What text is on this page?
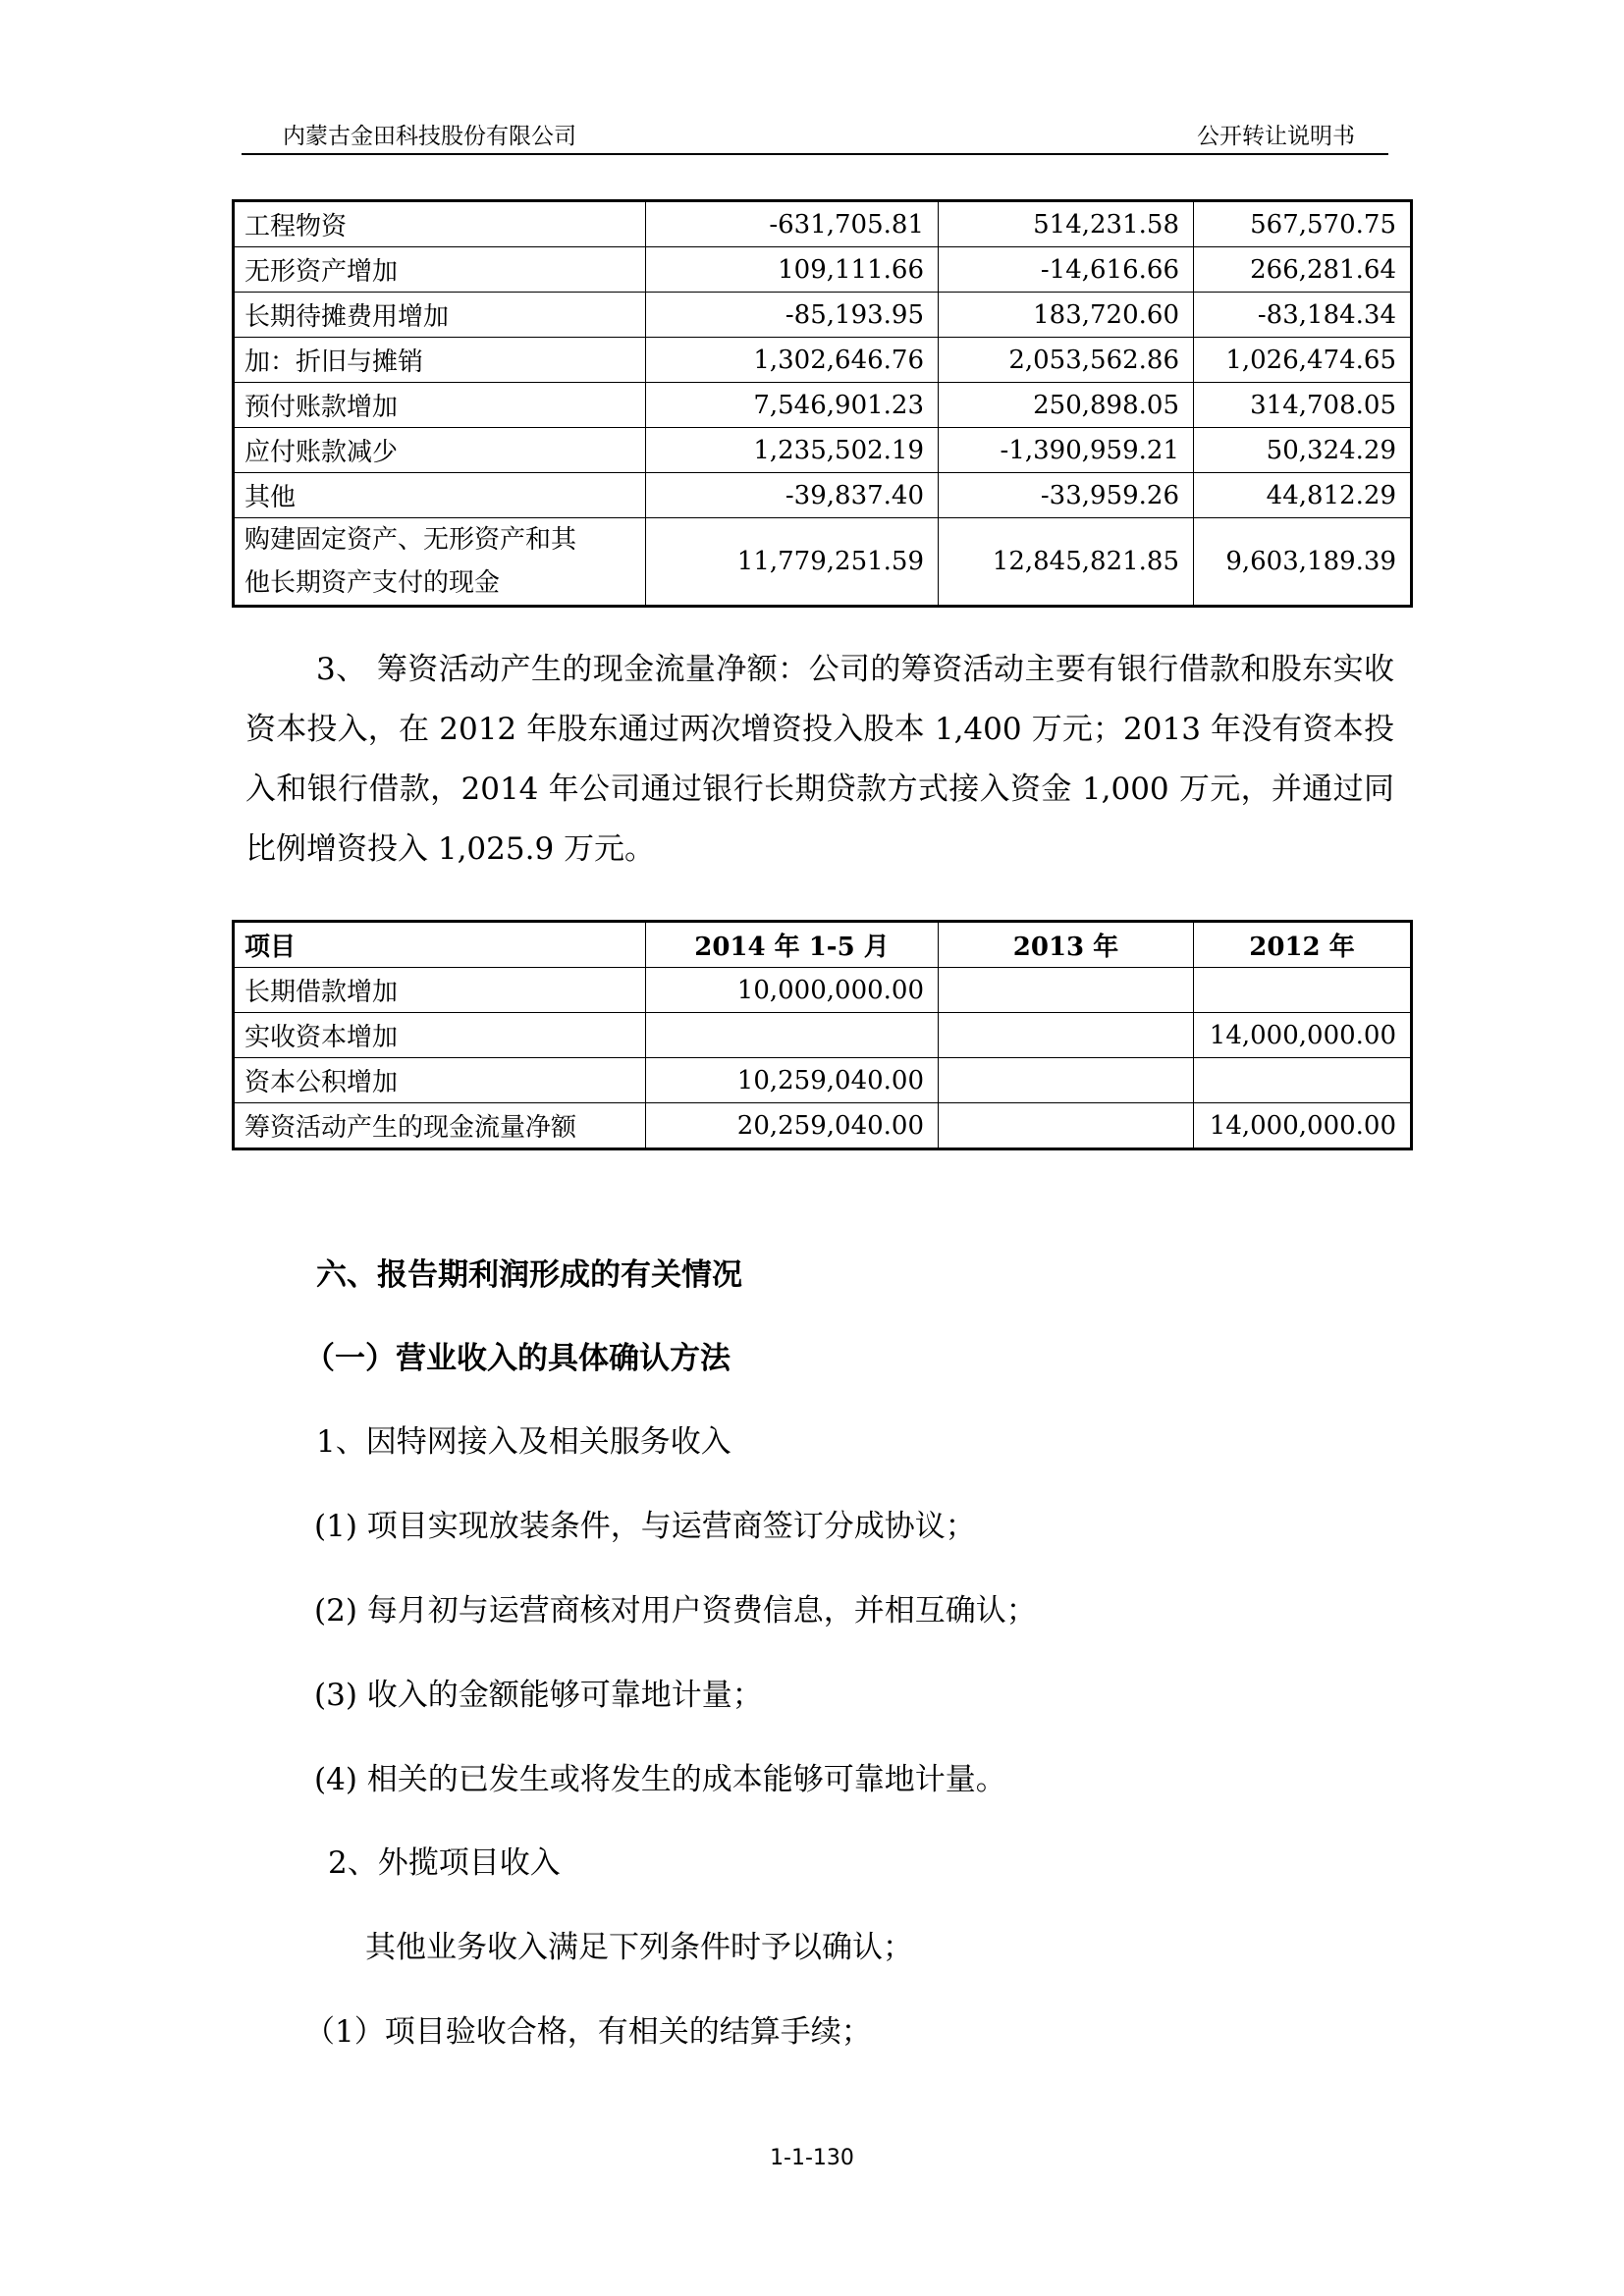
内蒙古金田科技股份有限公司	公开转让说明书
工程物资	-631,705.81	514,231.58	567,570.75
无形资产增加	109,111.66	-14,616.66	266,281.64
长期待摊费用增加	-85,193.95	183,720.60	-83,184.34
加：折旧与摊销	1,302,646.76	2,053,562.86	1,026,474.65
预付账款增加	7,546,901.23	250,898.05	314,708.05
应付账款减少	1,235,502.19	-1,390,959.21	50,324.29
其他	-39,837.40	-33,959.26	44,812.29

购建固定资产、无形资产和其
他长期资产支付的现金	11,779,251.59	12,845,821.85	9,603,189.39
3、 筹资活动产生的现金流量净额：公司的筹资活动主要有银行借款和股东实收资本投入，在 2012 年股东通过两次增资投入股本 1,400 万元；2013 年没有资本投入和银行借款，2014 年公司通过银行长期贷款方式接入资金 1,000 万元，并通过同比例增资投入 1,025.9 万元。
项目	2014 年 1-5 月	2013 年	2012 年
长期借款增加	10,000,000.00		
实收资本增加			14,000,000.00
资本公积增加	10,259,040.00		
筹资活动产生的现金流量净额	20,259,040.00		14,000,000.00
六、报告期利润形成的有关情况
（一）营业收入的具体确认方法
1、因特网接入及相关服务收入
(1) 项目实现放装条件，与运营商签订分成协议；
(2) 每月初与运营商核对用户资费信息，并相互确认；
(3) 收入的金额能够可靠地计量；
(4) 相关的已发生或将发生的成本能够可靠地计量。
2、外揽项目收入
其他业务收入满足下列条件时予以确认；
（1）项目验收合格，有相关的结算手续；
1-1-130
